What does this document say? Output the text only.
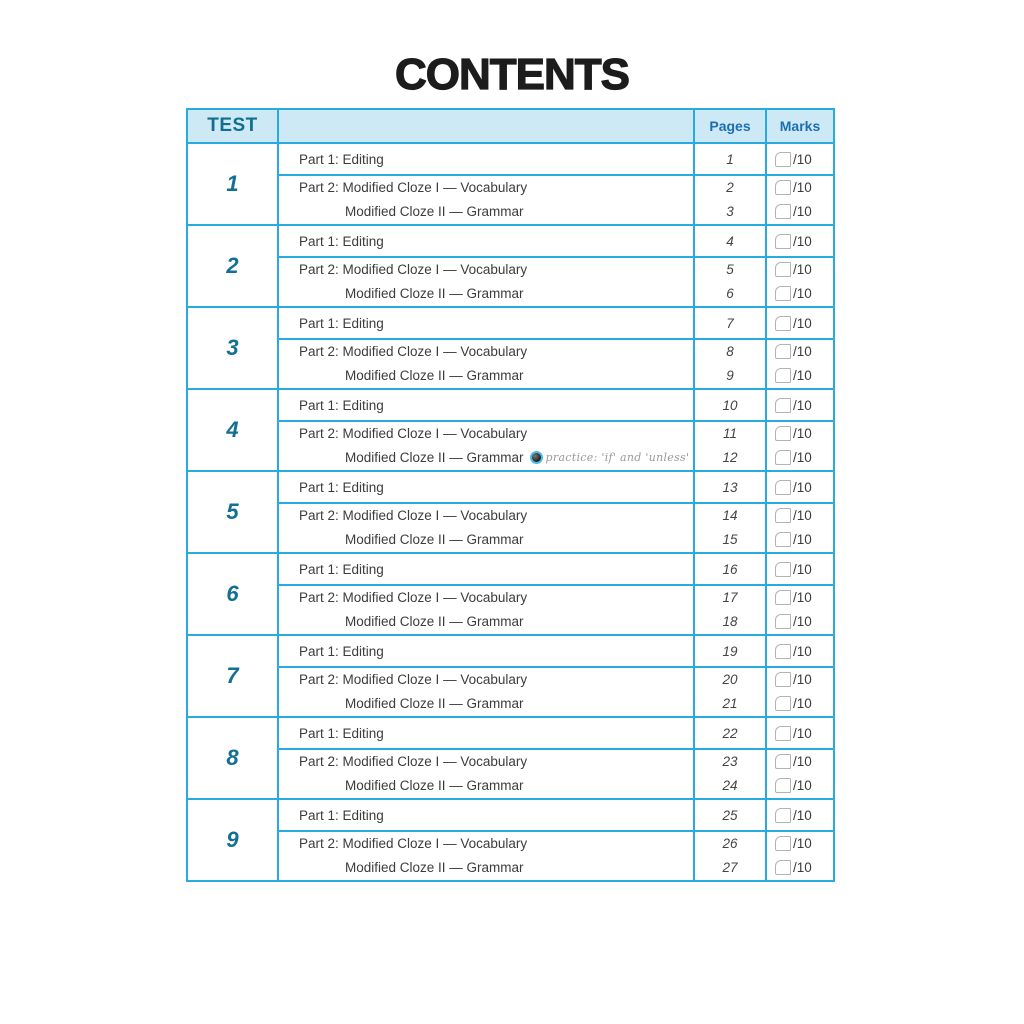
CONTENTS
TEST	Pages	Marks
1
Part 1: Editing	1	/10
Part 2: Modified Cloze I — Vocabulary	2	/10
Modified Cloze II — Grammar	3	/10
2
Part 1: Editing	4	/10
Part 2: Modified Cloze I — Vocabulary	5	/10
Modified Cloze II — Grammar	6	/10
3
Part 1: Editing	7	/10
Part 2: Modified Cloze I — Vocabulary	8	/10
Modified Cloze II — Grammar	9	/10
4
Part 1: Editing	10	/10
Part 2: Modified Cloze I — Vocabulary	11	/10
Modified Cloze II — Grammar practice: 'if' and 'unless'	12	/10
5
Part 1: Editing	13	/10
Part 2: Modified Cloze I — Vocabulary	14	/10
Modified Cloze II — Grammar	15	/10
6
Part 1: Editing	16	/10
Part 2: Modified Cloze I — Vocabulary	17	/10
Modified Cloze II — Grammar	18	/10
7
Part 1: Editing	19	/10
Part 2: Modified Cloze I — Vocabulary	20	/10
Modified Cloze II — Grammar	21	/10
8
Part 1: Editing	22	/10
Part 2: Modified Cloze I — Vocabulary	23	/10
Modified Cloze II — Grammar	24	/10
9
Part 1: Editing	25	/10
Part 2: Modified Cloze I — Vocabulary	26	/10
Modified Cloze II — Grammar	27	/10
